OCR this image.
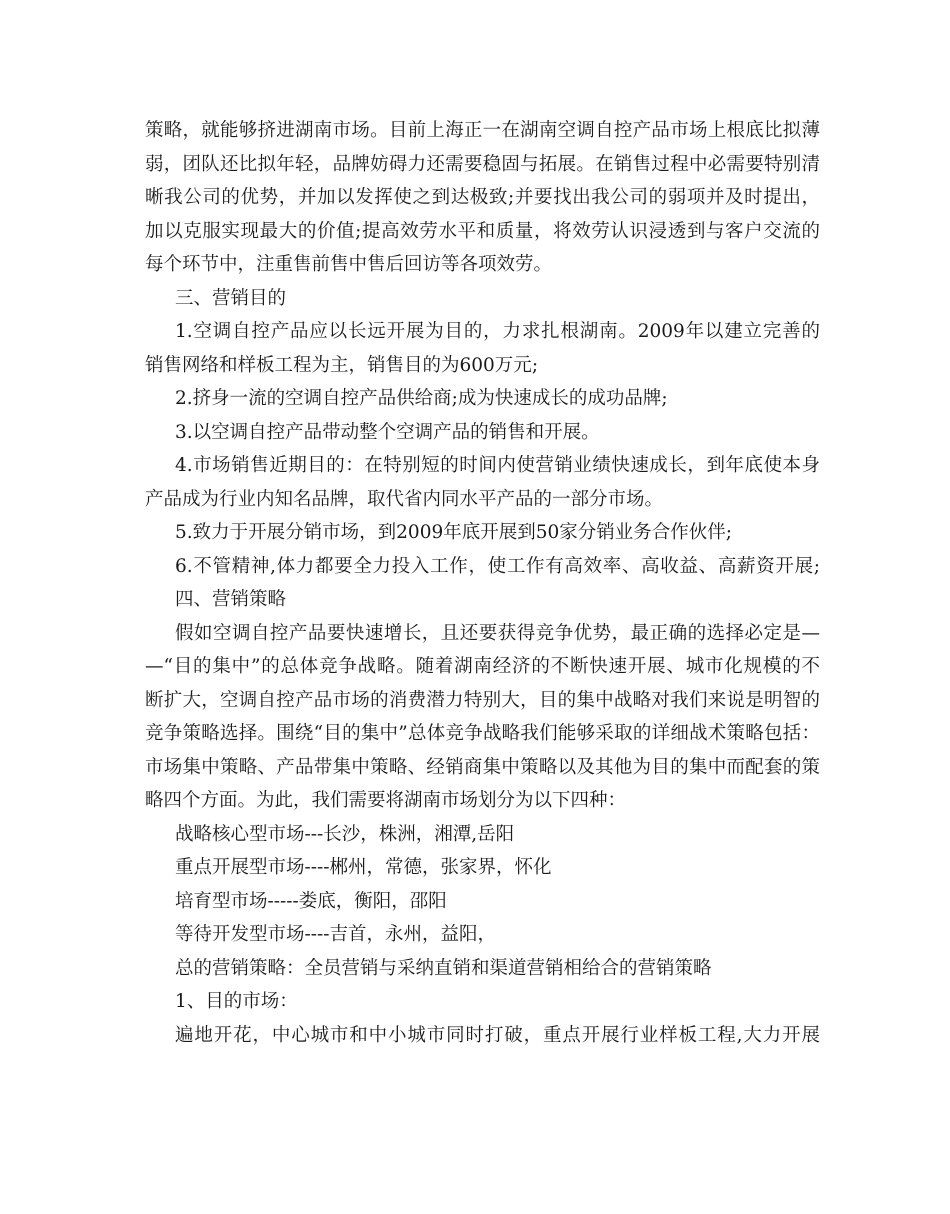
策略，就能够挤进湖南市场。目前上海正一在湖南空调自控产品市场上根底比拟薄
弱，团队还比拟年轻，品牌妨碍力还需要稳固与拓展。在销售过程中必需要特别清
晰我公司的优势，并加以发挥使之到达极致;并要找出我公司的弱项并及时提出，
加以克服实现最大的价值;提高效劳水平和质量，将效劳认识浸透到与客户交流的
每个环节中，注重售前售中售后回访等各项效劳。
三、营销目的
1.空调自控产品应以长远开展为目的，力求扎根湖南。2009年以建立完善的
销售网络和样板工程为主，销售目的为600万元;
2.挤身一流的空调自控产品供给商;成为快速成长的成功品牌;
3.以空调自控产品带动整个空调产品的销售和开展。
4.市场销售近期目的：在特别短的时间内使营销业绩快速成长，到年底使本身
产品成为行业内知名品牌，取代省内同水平产品的一部分市场。
5.致力于开展分销市场，到2009年底开展到50家分销业务合作伙伴;
6.不管精神,体力都要全力投入工作，使工作有高效率、高收益、高薪资开展;
四、营销策略
假如空调自控产品要快速增长，且还要获得竞争优势，最正确的选择必定是—
—“目的集中”的总体竞争战略。随着湖南经济的不断快速开展、城市化规模的不
断扩大，空调自控产品市场的消费潜力特别大，目的集中战略对我们来说是明智的
竞争策略选择。围绕“目的集中”总体竞争战略我们能够采取的详细战术策略包括：
市场集中策略、产品带集中策略、经销商集中策略以及其他为目的集中而配套的策
略四个方面。为此，我们需要将湖南市场划分为以下四种：
战略核心型市场---长沙，株洲，湘潭,岳阳
重点开展型市场----郴州，常德，张家界，怀化
培育型市场-----娄底，衡阳，邵阳
等待开发型市场----吉首，永州，益阳，
总的营销策略：全员营销与采纳直销和渠道营销相给合的营销策略
1、目的市场：
遍地开花，中心城市和中小城市同时打破，重点开展行业样板工程,大力开展
